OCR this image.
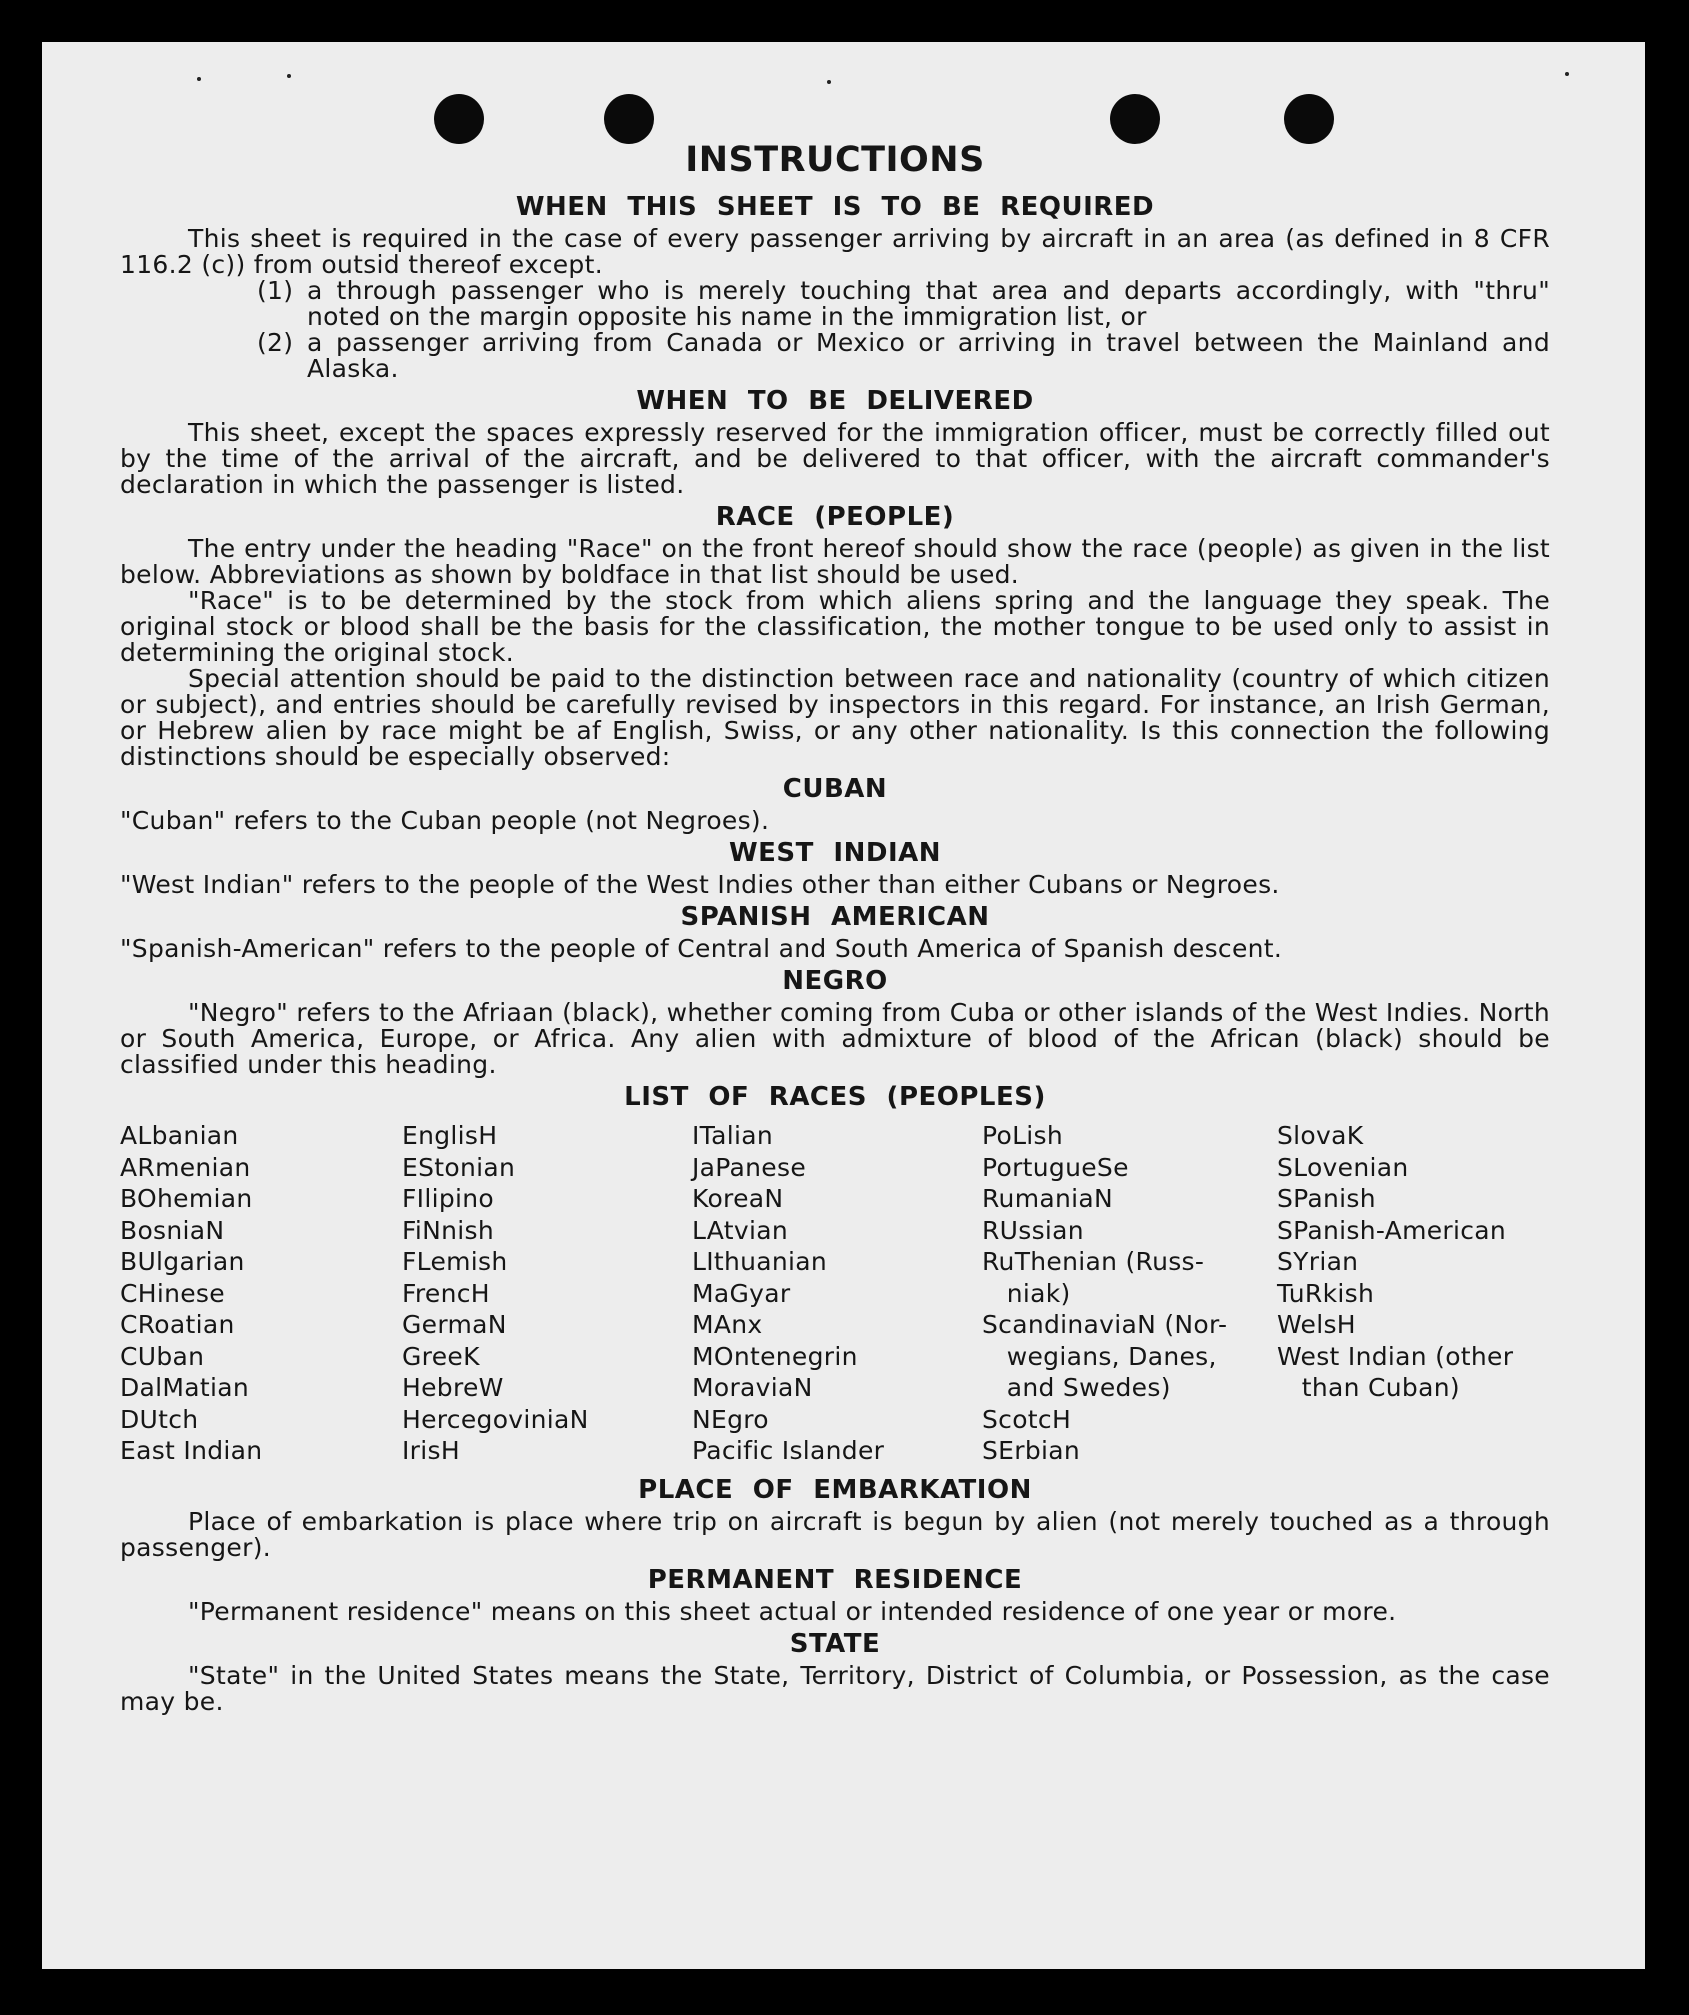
INSTRUCTIONS
WHEN THIS SHEET IS TO BE REQUIRED

This sheet is required in the case of every passenger arriving by aircraft in an area (as defined in 8 CFR 116.2 (c)) from outsid thereof except.

(1) a through passenger who is merely touching that area and departs accordingly, with "thru" noted on the margin opposite his name in the immigration list, or
(2) a passenger arriving from Canada or Mexico or arriving in travel between the Mainland and Alaska.
WHEN TO BE DELIVERED

This sheet, except the spaces expressly reserved for the immigration officer, must be correctly filled out by the time of the arrival of the aircraft, and be delivered to that officer, with the aircraft commander's declaration in which the passenger is listed.

RACE (PEOPLE)

The entry under the heading "Race" on the front hereof should show the race (people) as given in the list below. Abbreviations as shown by boldface in that list should be used.

"Race" is to be determined by the stock from which aliens spring and the language they speak. The original stock or blood shall be the basis for the classification, the mother tongue to be used only to assist in determining the original stock.

Special attention should be paid to the distinction between race and nationality (country of which citizen or subject), and entries should be carefully revised by inspectors in this regard. For instance, an Irish German, or Hebrew alien by race might be af English, Swiss, or any other nationality. Is this connection the following distinctions should be especially observed:

CUBAN

"Cuban" refers to the Cuban people (not Negroes).

WEST INDIAN

"West Indian" refers to the people of the West Indies other than either Cubans or Negroes.

SPANISH AMERICAN

"Spanish-American" refers to the people of Central and South America of Spanish descent.

NEGRO

"Negro" refers to the Afriaan (black), whether coming from Cuba or other islands of the West Indies. North or South America, Europe, or Africa. Any alien with admixture of blood of the African (black) should be classified under this heading.

LIST OF RACES (PEOPLES)
ALbanian
ARmenian
BOhemian
BosniaN
BUlgarian
CHinese
CRoatian
CUban
DalMatian
DUtch
East Indian
EnglisH
EStonian
FIlipino
FiNnish
FLemish
FrencH
GermaN
GreeK
HebreW
HercegoviniaN
IrisH
ITalian
JaPanese
KoreaN
LAtvian
LIthuanian
MaGyar
MAnx
MOntenegrin
MoraviaN
NEgro
Pacific Islander
PoLish
PortugueSe
RumaniaN
RUssian
RuThenian (Russ-
niak)
ScandinaviaN (Nor-
wegians, Danes,
and Swedes)
ScotcH
SErbian
SlovaK
SLovenian
SPanish
SPanish-American
SYrian
TuRkish
WelsH
West Indian (other
than Cuban)
PLACE OF EMBARKATION

Place of embarkation is place where trip on aircraft is begun by alien (not merely touched as a through passenger).

PERMANENT RESIDENCE

"Permanent residence" means on this sheet actual or intended residence of one year or more.

STATE

"State" in the United States means the State, Territory, District of Columbia, or Possession, as the case may be.
